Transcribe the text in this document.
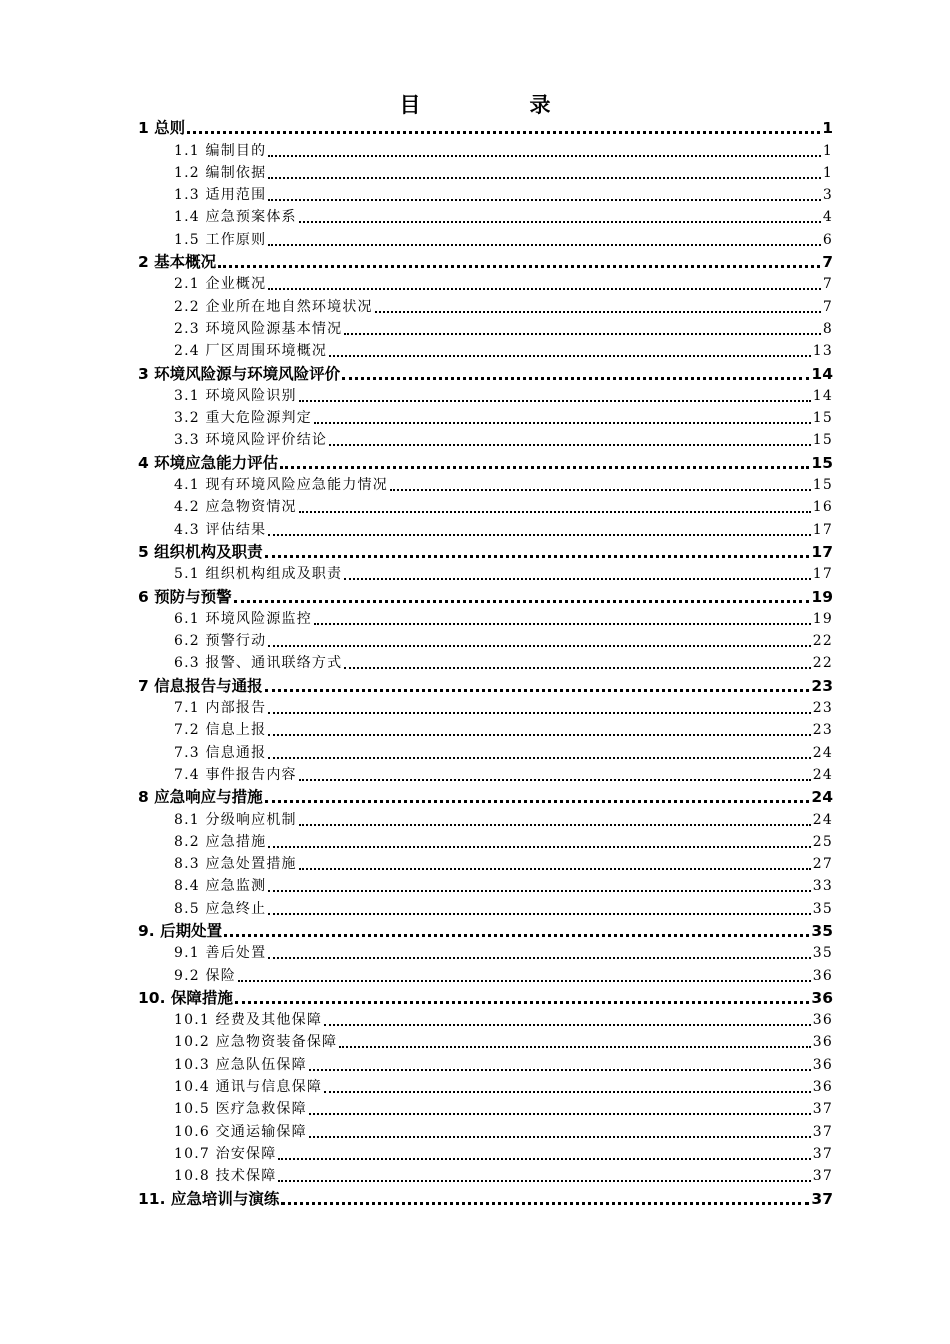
目　录
1 总则	1
1.1 编制目的	1
1.2 编制依据	1
1.3 适用范围	3
1.4 应急预案体系	4
1.5 工作原则	6
2 基本概况	7
2.1 企业概况	7
2.2 企业所在地自然环境状况	7
2.3 环境风险源基本情况	8
2.4 厂区周围环境概况	13
3 环境风险源与环境风险评价	14
3.1 环境风险识别	14
3.2 重大危险源判定	15
3.3 环境风险评价结论	15
4 环境应急能力评估	15
4.1 现有环境风险应急能力情况	15
4.2 应急物资情况	16
4.3 评估结果	17
5 组织机构及职责	17
5.1 组织机构组成及职责	17
6 预防与预警	19
6.1 环境风险源监控	19
6.2 预警行动	22
6.3 报警、通讯联络方式	22
7 信息报告与通报	23
7.1 内部报告	23
7.2 信息上报	23
7.3 信息通报	24
7.4 事件报告内容	24
8 应急响应与措施	24
8.1 分级响应机制	24
8.2 应急措施	25
8.3 应急处置措施	27
8.4 应急监测	33
8.5 应急终止	35
9. 后期处置	35
9.1 善后处置	35
9.2 保险	36
10. 保障措施	36
10.1 经费及其他保障	36
10.2 应急物资装备保障	36
10.3 应急队伍保障	36
10.4 通讯与信息保障	36
10.5 医疗急救保障	37
10.6 交通运输保障	37
10.7 治安保障	37
10.8 技术保障	37
11. 应急培训与演练	37
